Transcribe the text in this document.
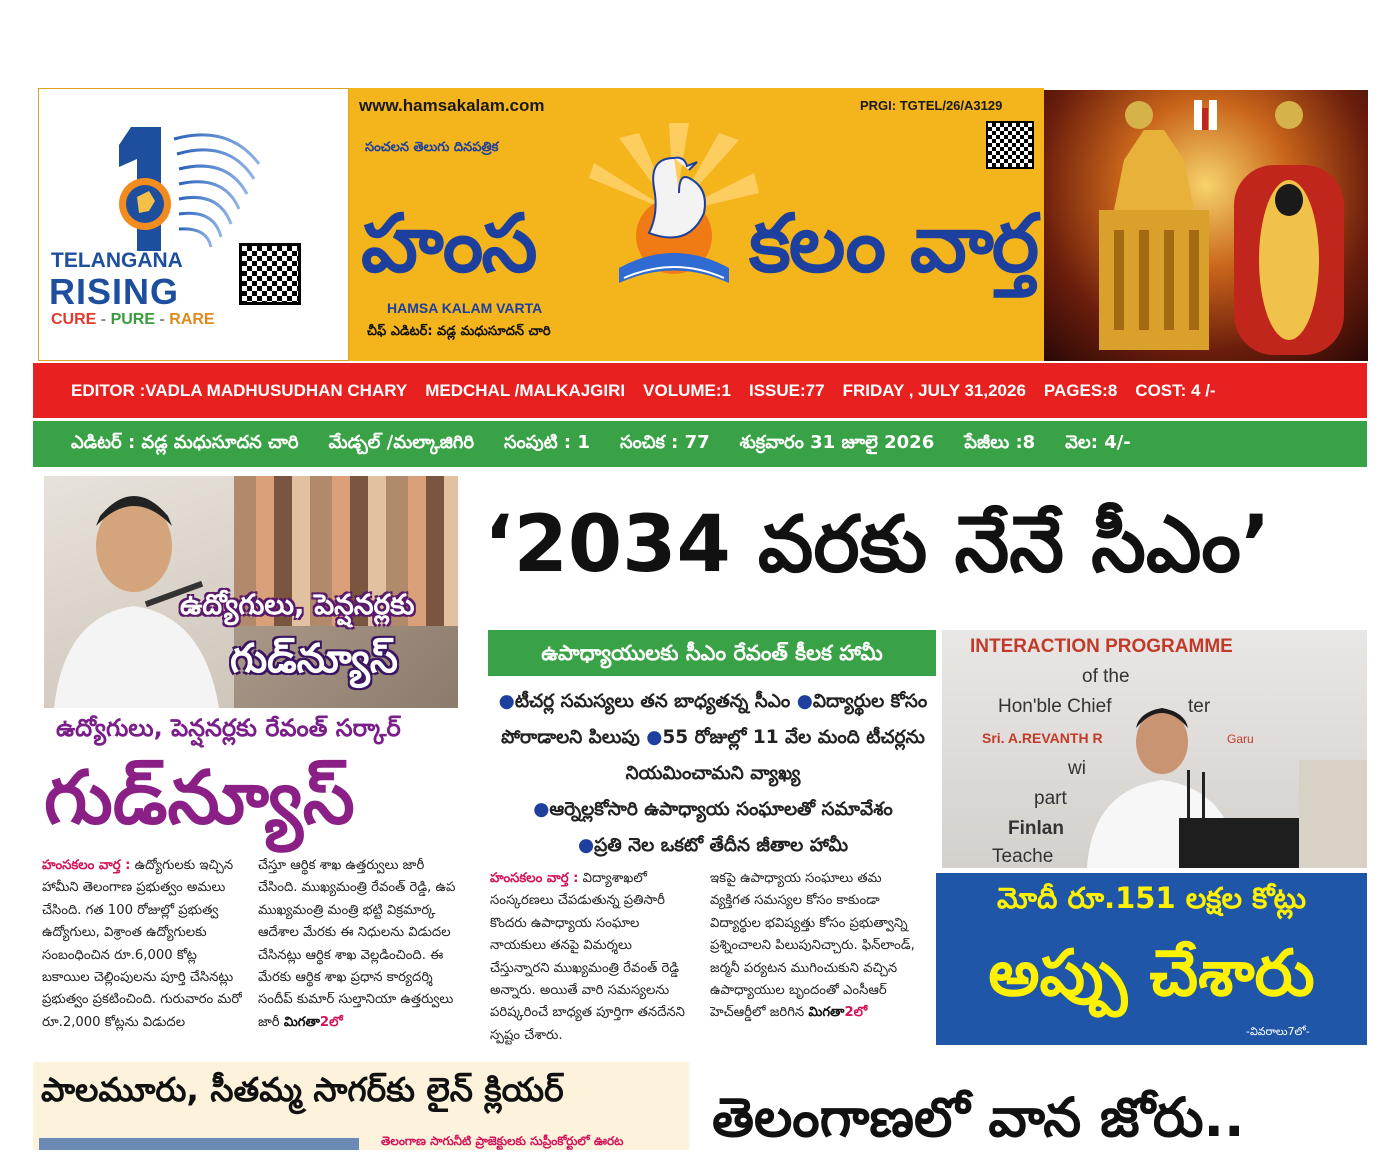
TELANGANA
RISING
CURE - PURE - RARE
www.hamsakalam.com	PRGI: TGTEL/26/A3129
సంచలన తెలుగు దినపత్రిక
హంస	కలం వార్త
HAMSA KALAM VARTA
చీఫ్ ఎడిటర్: వడ్ల మధుసూదన్ చారి
EDITOR :VADLA MADHUSUDHAN CHARY MEDCHAL /MALKAJGIRI VOLUME:1 ISSUE:77 FRIDAY , JULY 31,2026 PAGES:8 COST: 4 /-
ఎడిటర్ : వడ్ల మధుసూదన చారి మేడ్చల్ /మల్కాజిగిరి సంపుటి : 1 సంచిక : 77 శుక్రవారం 31 జూలై 2026 పేజీలు :8 వెల: 4/-
ఉద్యోగులు, పెన్షనర్లకు
గుడ్‌న్యూస్
ఉద్యోగులు, పెన్షనర్లకు రేవంత్ సర్కార్
గుడ్‌న్యూస్
హంసకలం వార్త : ఉద్యోగులకు ఇచ్చిన హామీని తెలంగాణ ప్రభుత్వం అమలు చేసింది. గత 100 రోజుల్లో ప్రభుత్వ ఉద్యోగులు, విశ్రాంత ఉద్యోగులకు సంబంధించిన రూ.6,000 కోట్ల బకాయిల చెల్లింపులను పూర్తి చేసినట్లు ప్రభుత్వం ప్రకటించింది. గురువారం మరో రూ.2,000 కోట్లను విడుదల
చేస్తూ ఆర్థిక శాఖ ఉత్తర్వులు జారీ చేసింది. ముఖ్యమంత్రి రేవంత్ రెడ్డి, ఉప ముఖ్యమంత్రి మంత్రి భట్టి విక్రమార్క ఆదేశాల మేరకు ఈ నిధులను విడుదల చేసినట్లు ఆర్థిక శాఖ వెల్లడించింది. ఈ మేరకు ఆర్థిక శాఖ ప్రధాన కార్యదర్శి సందీప్ కుమార్ సుల్తానియా ఉత్తర్వులు జారీ మిగతా2లో
‘2034 వరకు నేనే సీఎం’
ఉపాధ్యాయులకు సీఎం రేవంత్ కీలక హామీ
●టీచర్ల సమస్యలు తన బాధ్యతన్న సీఎం ●విద్యార్థుల కోసం పోరాడాలని పిలుపు ●55 రోజుల్లో 11 వేల మంది టీచర్లను నియమించామని వ్యాఖ్య
●ఆర్నెల్లకోసారి ఉపాధ్యాయ సంఘాలతో సమావేశం
●ప్రతి నెల ఒకటో తేదీన జీతాల హామీ
హంసకలం వార్త : విద్యాశాఖలో సంస్కరణలు చేపడుతున్న ప్రతిసారీ కొందరు ఉపాధ్యాయ సంఘాల నాయకులు తనపై విమర్శలు చేస్తున్నారని ముఖ్యమంత్రి రేవంత్ రెడ్డి అన్నారు. అయితే వారి సమస్యలను పరిష్కరించే బాధ్యత పూర్తిగా తనదేనని స్పష్టం చేశారు.
ఇకపై ఉపాధ్యాయ సంఘాలు తమ వ్యక్తిగత సమస్యల కోసం కాకుండా విద్యార్థుల భవిష్యత్తు కోసం ప్రభుత్వాన్ని ప్రశ్నించాలని పిలుపునిచ్చారు. ఫిన్‌లాండ్, జర్మనీ పర్యటన ముగించుకుని వచ్చిన ఉపాధ్యాయుల బృందంతో ఎంసీఆర్ హెచ్ఆర్డీలో జరిగిన మిగతా2లో
INTERACTION PROGRAMME
of the
Hon'ble Chief	ter
Sri. A.REVANTH R	Garu
wi
part
Finlan
Teache
మోదీ రూ.151 లక్షల కోట్లు
అప్పు చేశారు
-వివరాలు7లో-
పాలమూరు, సీతమ్మ సాగర్‌కు లైన్ క్లియర్
తెలంగాణ సాగునీటి ప్రాజెక్టులకు సుప్రీంకోర్టులో ఊరట తెలంగాణలో వాన జోరు..
